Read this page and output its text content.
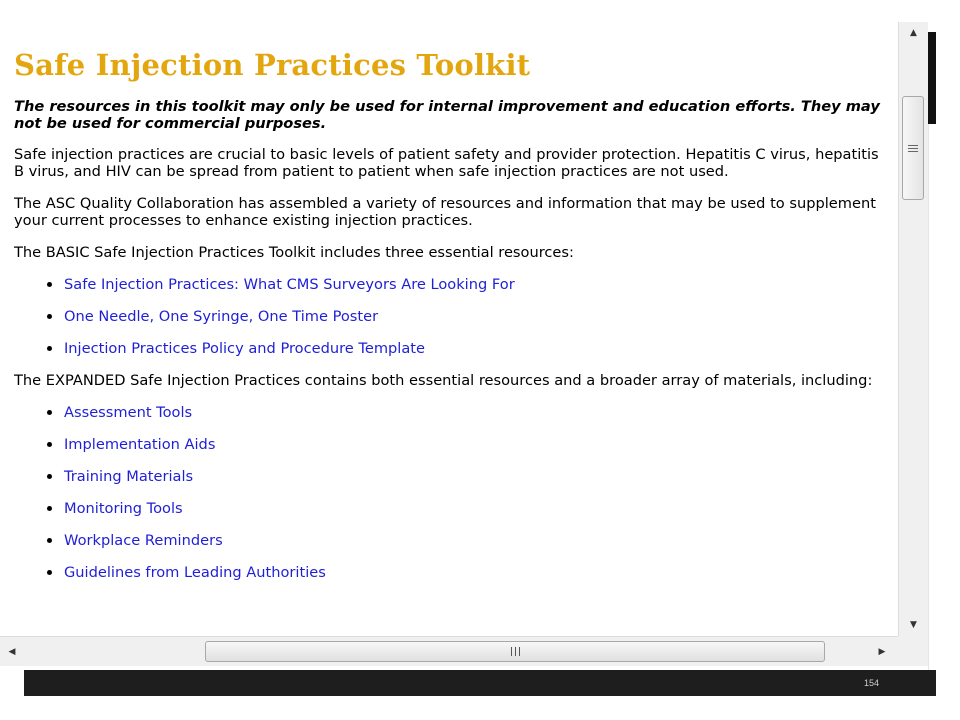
Safe Injection Practices Toolkit

The resources in this toolkit may only be used for internal improvement and education efforts. They may not be used for commercial purposes.

Safe injection practices are crucial to basic levels of patient safety and provider protection. Hepatitis C virus, hepatitis B virus, and HIV can be spread from patient to patient when safe injection practices are not used.

The ASC Quality Collaboration has assembled a variety of resources and information that may be used to supplement your current processes to enhance existing injection practices.

The BASIC Safe Injection Practices Toolkit includes three essential resources:

Safe Injection Practices: What CMS Surveyors Are Looking For
One Needle, One Syringe, One Time Poster
Injection Practices Policy and Procedure Template

The EXPANDED Safe Injection Practices contains both essential resources and a broader array of materials, including:

Assessment Tools
Implementation Aids
Training Materials
Monitoring Tools
Workplace Reminders
Guidelines from Leading Authorities
▲
▼
◀	▶
154
